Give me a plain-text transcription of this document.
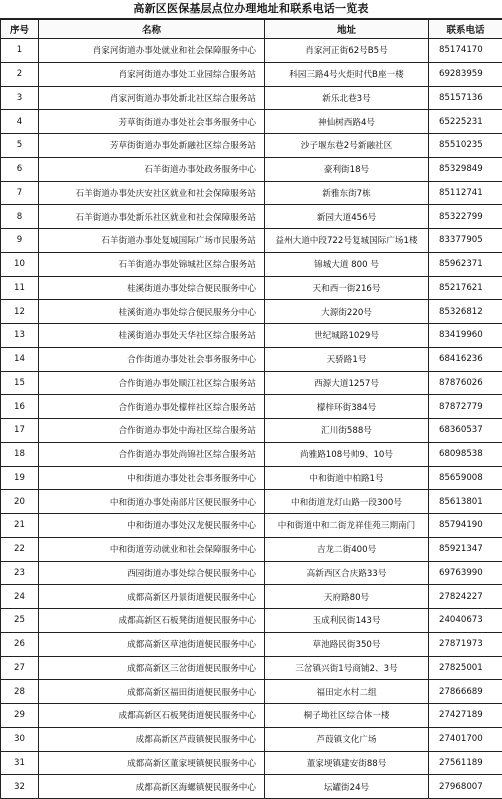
高新区医保基层点位办理地址和联系电话一览表
序号	名称	地址	联系电话
1	肖家河街道办事处就业和社会保障服务中心	肖家河正街62号B5号	85174170
2	肖家河街道办事处工业园综合服务站	科园三路4号火炬时代B座一楼	69283959
3	肖家河街道办事处新北社区综合服务站	新乐北巷3号	85157136
4	芳草街街道办事处社会事务服务中心	神仙树西路4号	65225231
5	芳草街街道办事处新融社区综合服务站	沙子堰东巷2号新融社区	85510235
6	石羊街道办事处政务服务中心	豪利街18号	85329849
7	石羊街道办事处庆安社区就业和社会保障服务站	新雅东街7栋	85112741
8	石羊街道办事处新乐社区就业和社会保障服务站	新园大道456号	85322799
9	石羊街道办事处复城国际广场市民服务站	益州大道中段722号复城国际广场1楼	83377905
10	石羊街道办事处锦城社区综合服务站	锦城大道 800 号	85962371
11	桂溪街道办事处综合便民服务中心	天和西一街216号	85217621
12	桂溪街道办事处综合便民服务分中心	大源街220号	85326812
13	桂溪街道办事处天华社区综合服务站	世纪城路1029号	83419960
14	合作街道办事处社会事务服务中心	天骄路1号	68416236
15	合作街道办事处顺江社区综合服务站	西源大道1257号	87876026
16	合作街道办事处檬梓社区综合服务站	檬梓环街384号	87872779
17	合作街道办事处中海社区综合服务站	汇川街588号	68360537
18	合作街道办事处尚锦社区综合服务站	尚雅路108号帅9、10号	68098538
19	中和街道办事处社会事务服务中心	中和街道中柏路1号	85659008
20	中和街道办事处南部片区便民服务中心	中和街道龙灯山路一段300号	85613801
21	中和街道办事处汉龙便民服务中心	中和街道中和二街龙祥佳苑三期南门	85794190
22	中和街道劳动就业和社会保障服务中心	吉龙二街400号	85921347
23	西园街道办事处综合便民服务中心	高新西区合庆路33号	69763990
24	成都高新区丹景街道便民服务中心	天府路80号	27824227
25	成都高新区石板凳街道便民服务中心	玉成利民街143号	24040673
26	成都高新区草池街道便民服务中心	草池路民街350号	27871973
27	成都高新区三岔街道便民服务中心	三岔镇兴街1号商铺2、3号	27825001
28	成都高新区福田街道便民服务中心	福田定水村二组	27866689
29	成都高新区石板凳街道便民服务中心	桐子坳社区综合体一楼	27427189
30	成都高新区芦葭镇便民服务中心	芦葭镇文化广场	27401700
31	成都高新区董家埂镇便民服务中心	董家埂镇建安街88号	27561189
32	成都高新区海螺镇便民服务中心	坛罐街24号	27968007
